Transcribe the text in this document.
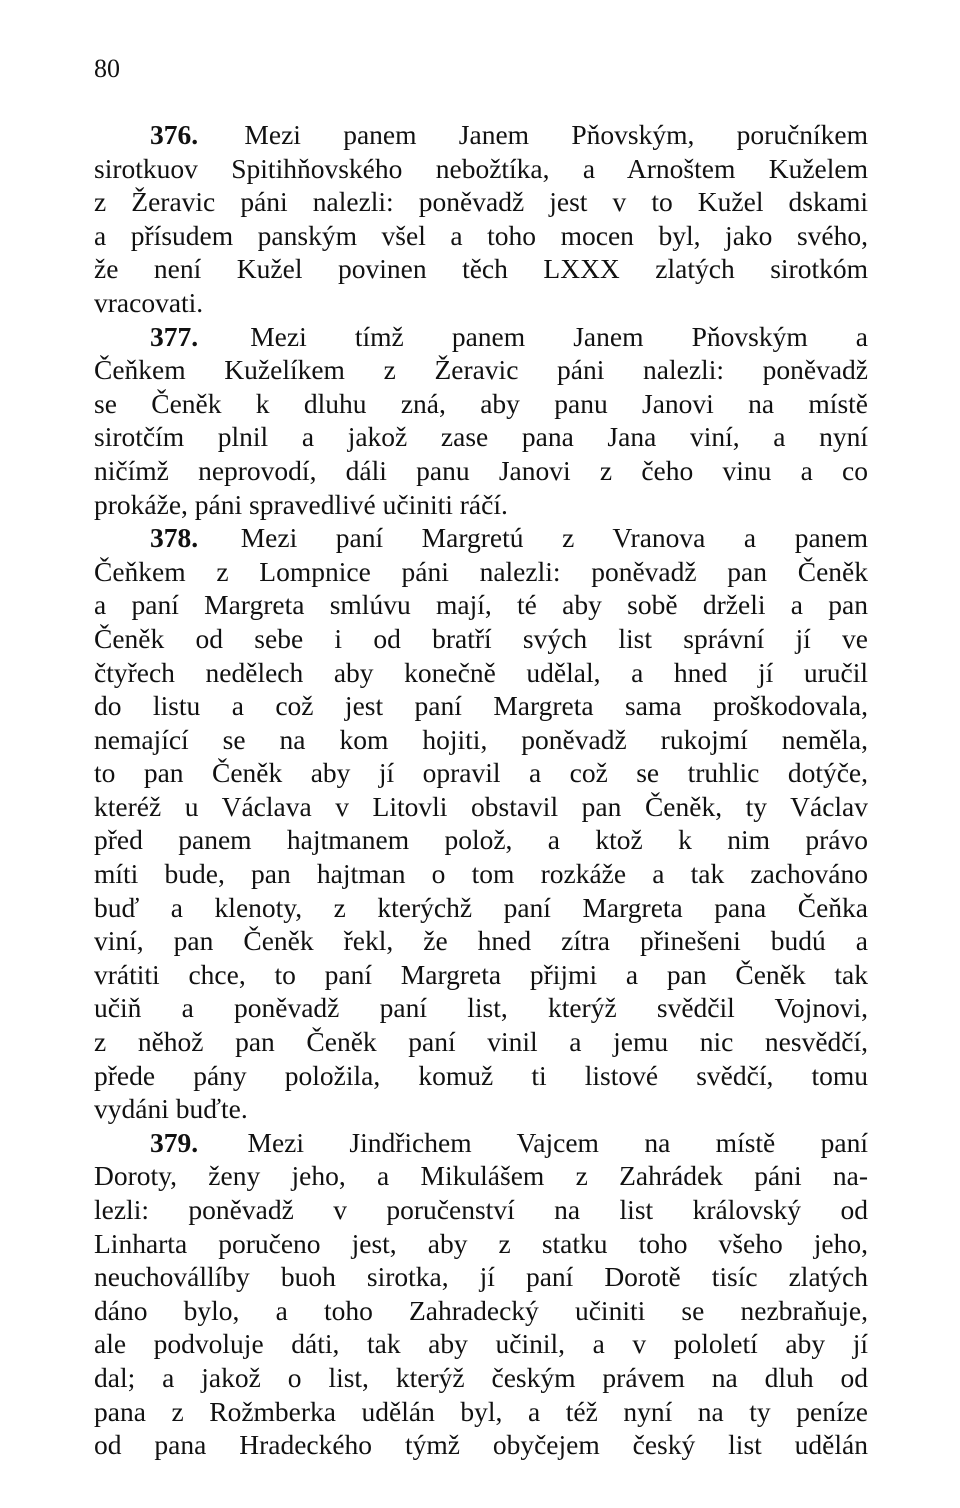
80
376. Mezi panem Janem Pňovským, poručníkem
sirotkuov Spitihňovského nebožtíka, a Arnoštem Kuželem
z Žeravic páni nalezli: poněvadž jest v to Kužel dskami
a přísudem panským všel a toho mocen byl, jako svého,
že není Kužel povinen těch LXXX zlatých sirotkóm
vracovati.
377. Mezi tímž panem Janem Pňovským a
Čeňkem Kuželíkem z Žeravic páni nalezli: poněvadž
se Čeněk k dluhu zná, aby panu Janovi na místě
sirotčím plnil a jakož zase pana Jana viní, a nyní
ničímž neprovodí, dáli panu Janovi z čeho vinu a co
prokáže, páni spravedlivé učiniti ráčí.
378. Mezi paní Margretú z Vranova a panem
Čeňkem z Lompnice páni nalezli: poněvadž pan Čeněk
a paní Margreta smlúvu mají, té aby sobě drželi a pan
Čeněk od sebe i od bratří svých list správní jí ve
čtyřech nedělech aby konečně udělal, a hned jí uručil
do listu a což jest paní Margreta sama proškodovala,
nemající se na kom hojiti, poněvadž rukojmí neměla,
to pan Čeněk aby jí opravil a což se truhlic dotýče,
kteréž u Václava v Litovli obstavil pan Čeněk, ty Václav
před panem hajtmanem polož, a ktož k nim právo
míti bude, pan hajtman o tom rozkáže a tak zachováno
buď a klenoty, z kterýchž paní Margreta pana Čeňka
viní, pan Čeněk řekl, že hned zítra přinešeni budú a
vrátiti chce, to paní Margreta přijmi a pan Čeněk tak
učiň a poněvadž paní list, kterýž svědčil Vojnovi,
z něhož pan Čeněk paní vinil a jemu nic nesvědčí,
přede pány položila, komuž ti listové svědčí, tomu
vydáni buďte.
379. Mezi Jindřichem Vajcem na místě paní
Doroty, ženy jeho, a Mikulášem z Zahrádek páni na-
lezli: poněvadž v poručenství na list královský od
Linharta poručeno jest, aby z statku toho všeho jeho,
neuchovállíby buoh sirotka, jí paní Dorotě tisíc zlatých
dáno bylo, a toho Zahradecký učiniti se nezbraňuje,
ale podvoluje dáti, tak aby učinil, a v pololetí aby jí
dal; a jakož o list, kterýž českým právem na dluh od
pana z Rožmberka udělán byl, a též nyní na ty peníze
od pana Hradeckého týmž obyčejem český list udělán
